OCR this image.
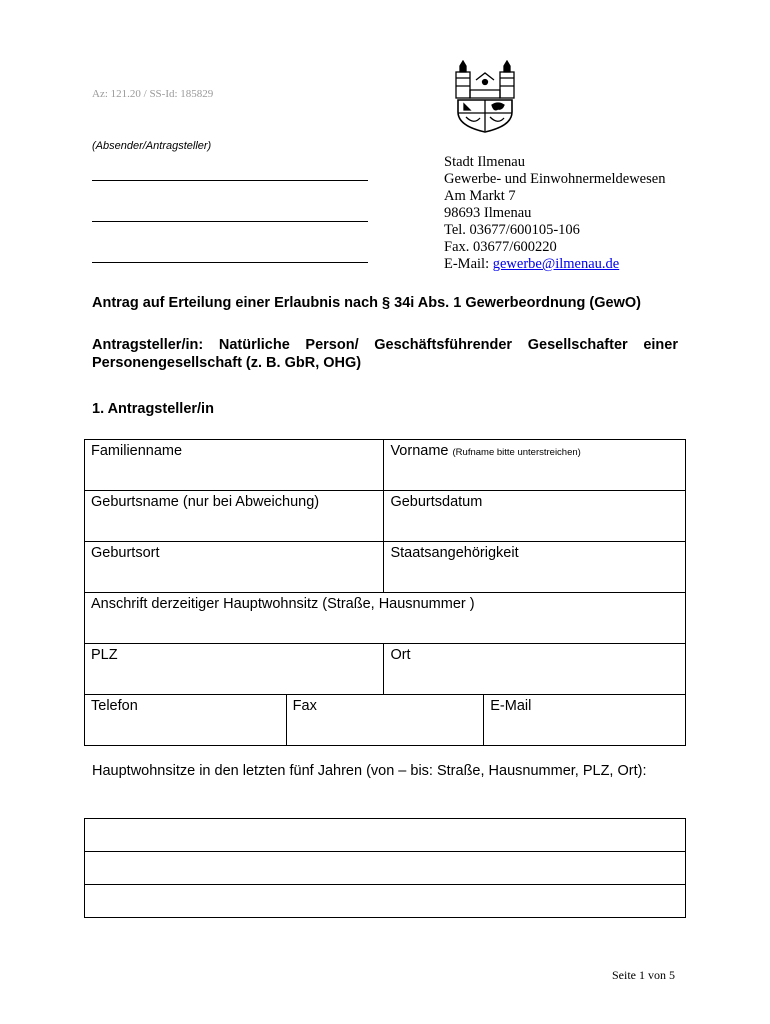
Az: 121.20 / SS-Id: 185829
(Absender/Antragsteller)
Stadt Ilmenau
Gewerbe- und Einwohnermeldewesen
Am Markt 7
98693 Ilmenau
Tel. 03677/600105-106
Fax. 03677/600220
E-Mail: gewerbe@ilmenau.de
Antrag auf Erteilung einer Erlaubnis nach § 34i Abs. 1 Gewerbeordnung (GewO)
Antragsteller/in: Natürliche Person/ Geschäftsführender Gesellschafter einer Personengesellschaft (z. B. GbR, OHG)
1. Antragsteller/in
Familienname		Vorname (Rufname bitte unterstreichen)	
Geburtsname (nur bei Abweichung)		Geburtsdatum	
Geburtsort		Staatsangehörigkeit	
Anschrift derzeitiger Hauptwohnsitz (Straße, Hausnummer )			
PLZ		Ort	
Telefon	Fax		E-Mail
Hauptwohnsitze in den letzten fünf Jahren (von – bis: Straße, Hausnummer, PLZ, Ort):

Seite 1 von 5
